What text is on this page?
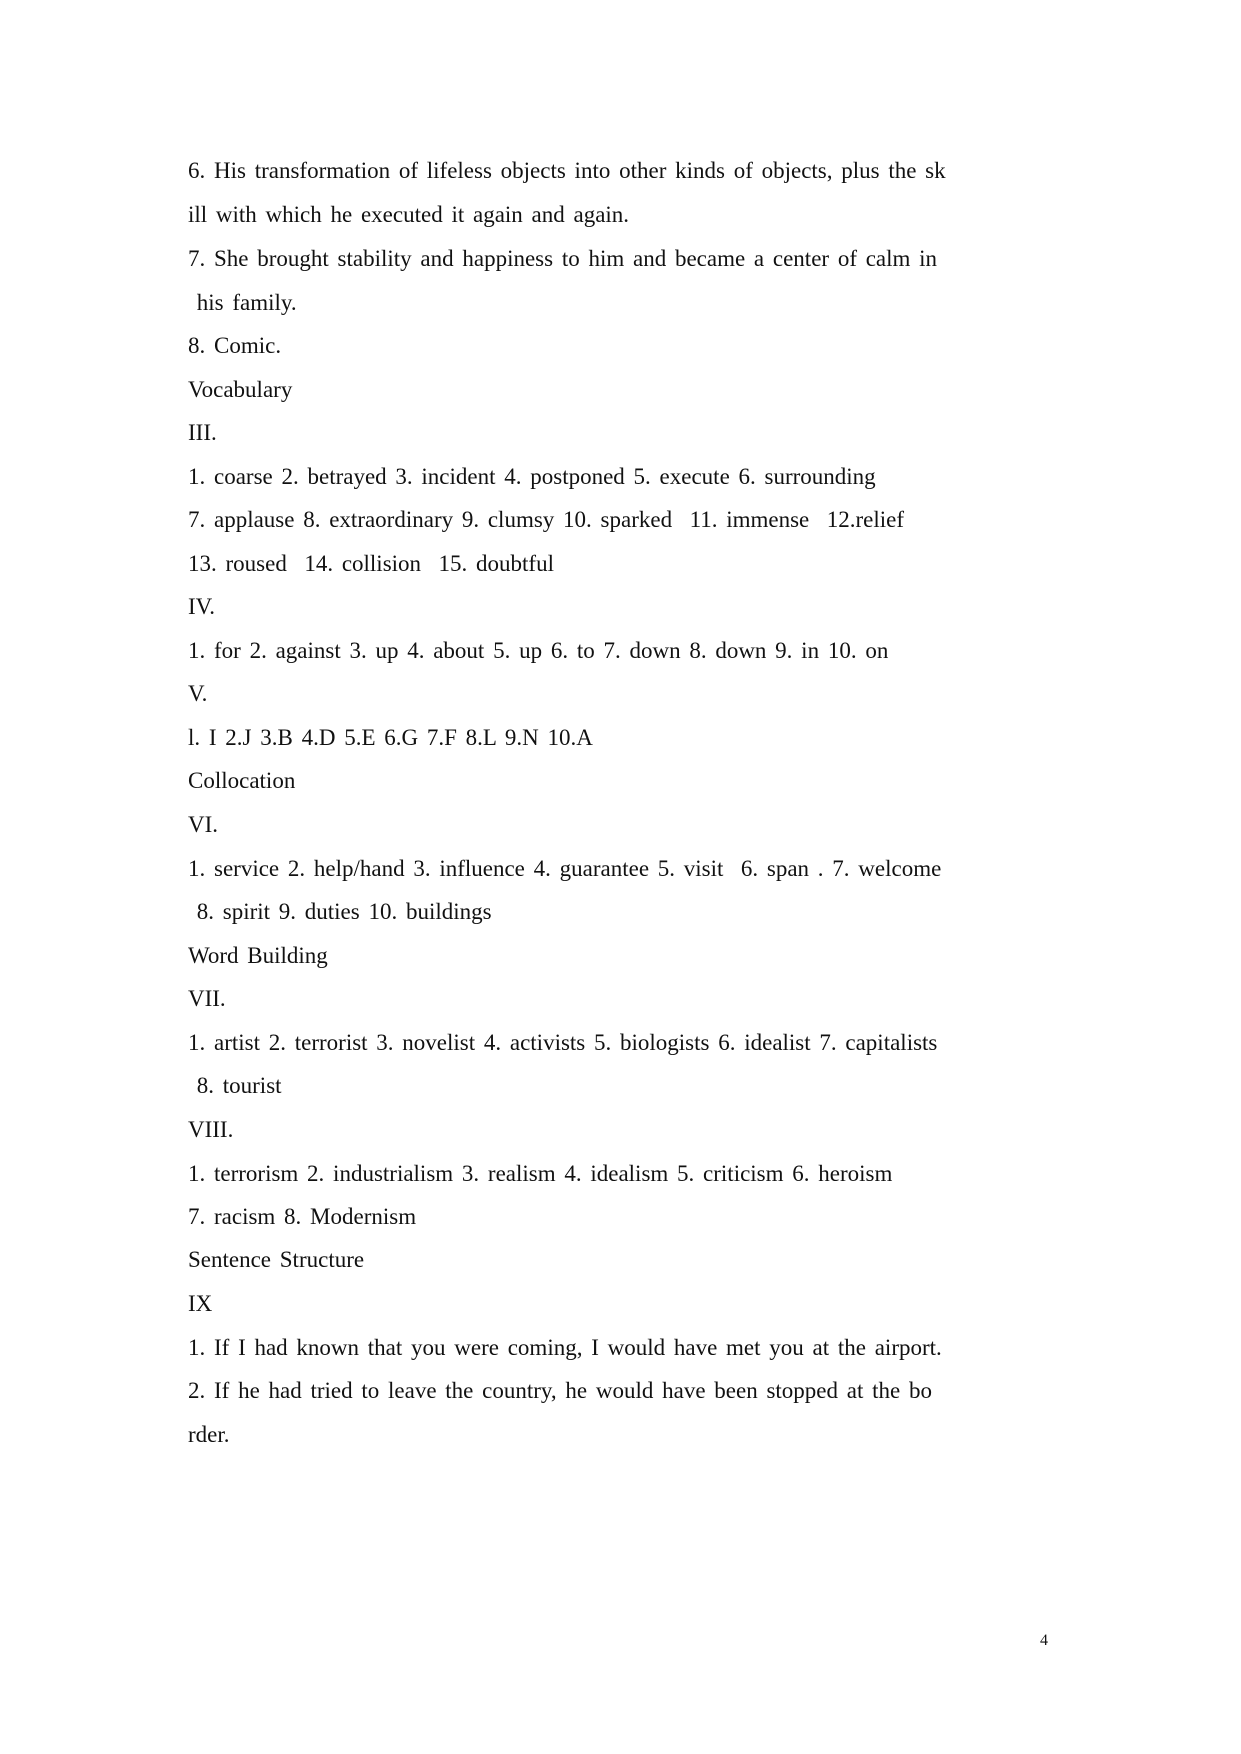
6. His transformation of lifeless objects into other kinds of objects, plus the sk
ill with which he executed it again and again.
7. She brought stability and happiness to him and became a center of calm in
his family.
8. Comic.
Vocabulary
III.
1. coarse 2. betrayed 3. incident 4. postponed 5. execute 6. surrounding
7. applause 8. extraordinary 9. clumsy 10. sparked  11. immense  12.relief
13. roused  14. collision  15. doubtful
IV.
1. for 2. against 3. up 4. about 5. up 6. to 7. down 8. down 9. in 10. on
V.
l. I 2.J 3.B 4.D 5.E 6.G 7.F 8.L 9.N 10.A
Collocation
VI.
1. service 2. help/hand 3. influence 4. guarantee 5. visit  6. span . 7. welcome
8. spirit 9. duties 10. buildings
Word Building
VII.
1. artist 2. terrorist 3. novelist 4. activists 5. biologists 6. idealist 7. capitalists
8. tourist
VIII.
1. terrorism 2. industrialism 3. realism 4. idealism 5. criticism 6. heroism
7. racism 8. Modernism
Sentence Structure
IX
1. If I had known that you were coming, I would have met you at the airport.
2. If he had tried to leave the country, he would have been stopped at the bo
rder.
4
